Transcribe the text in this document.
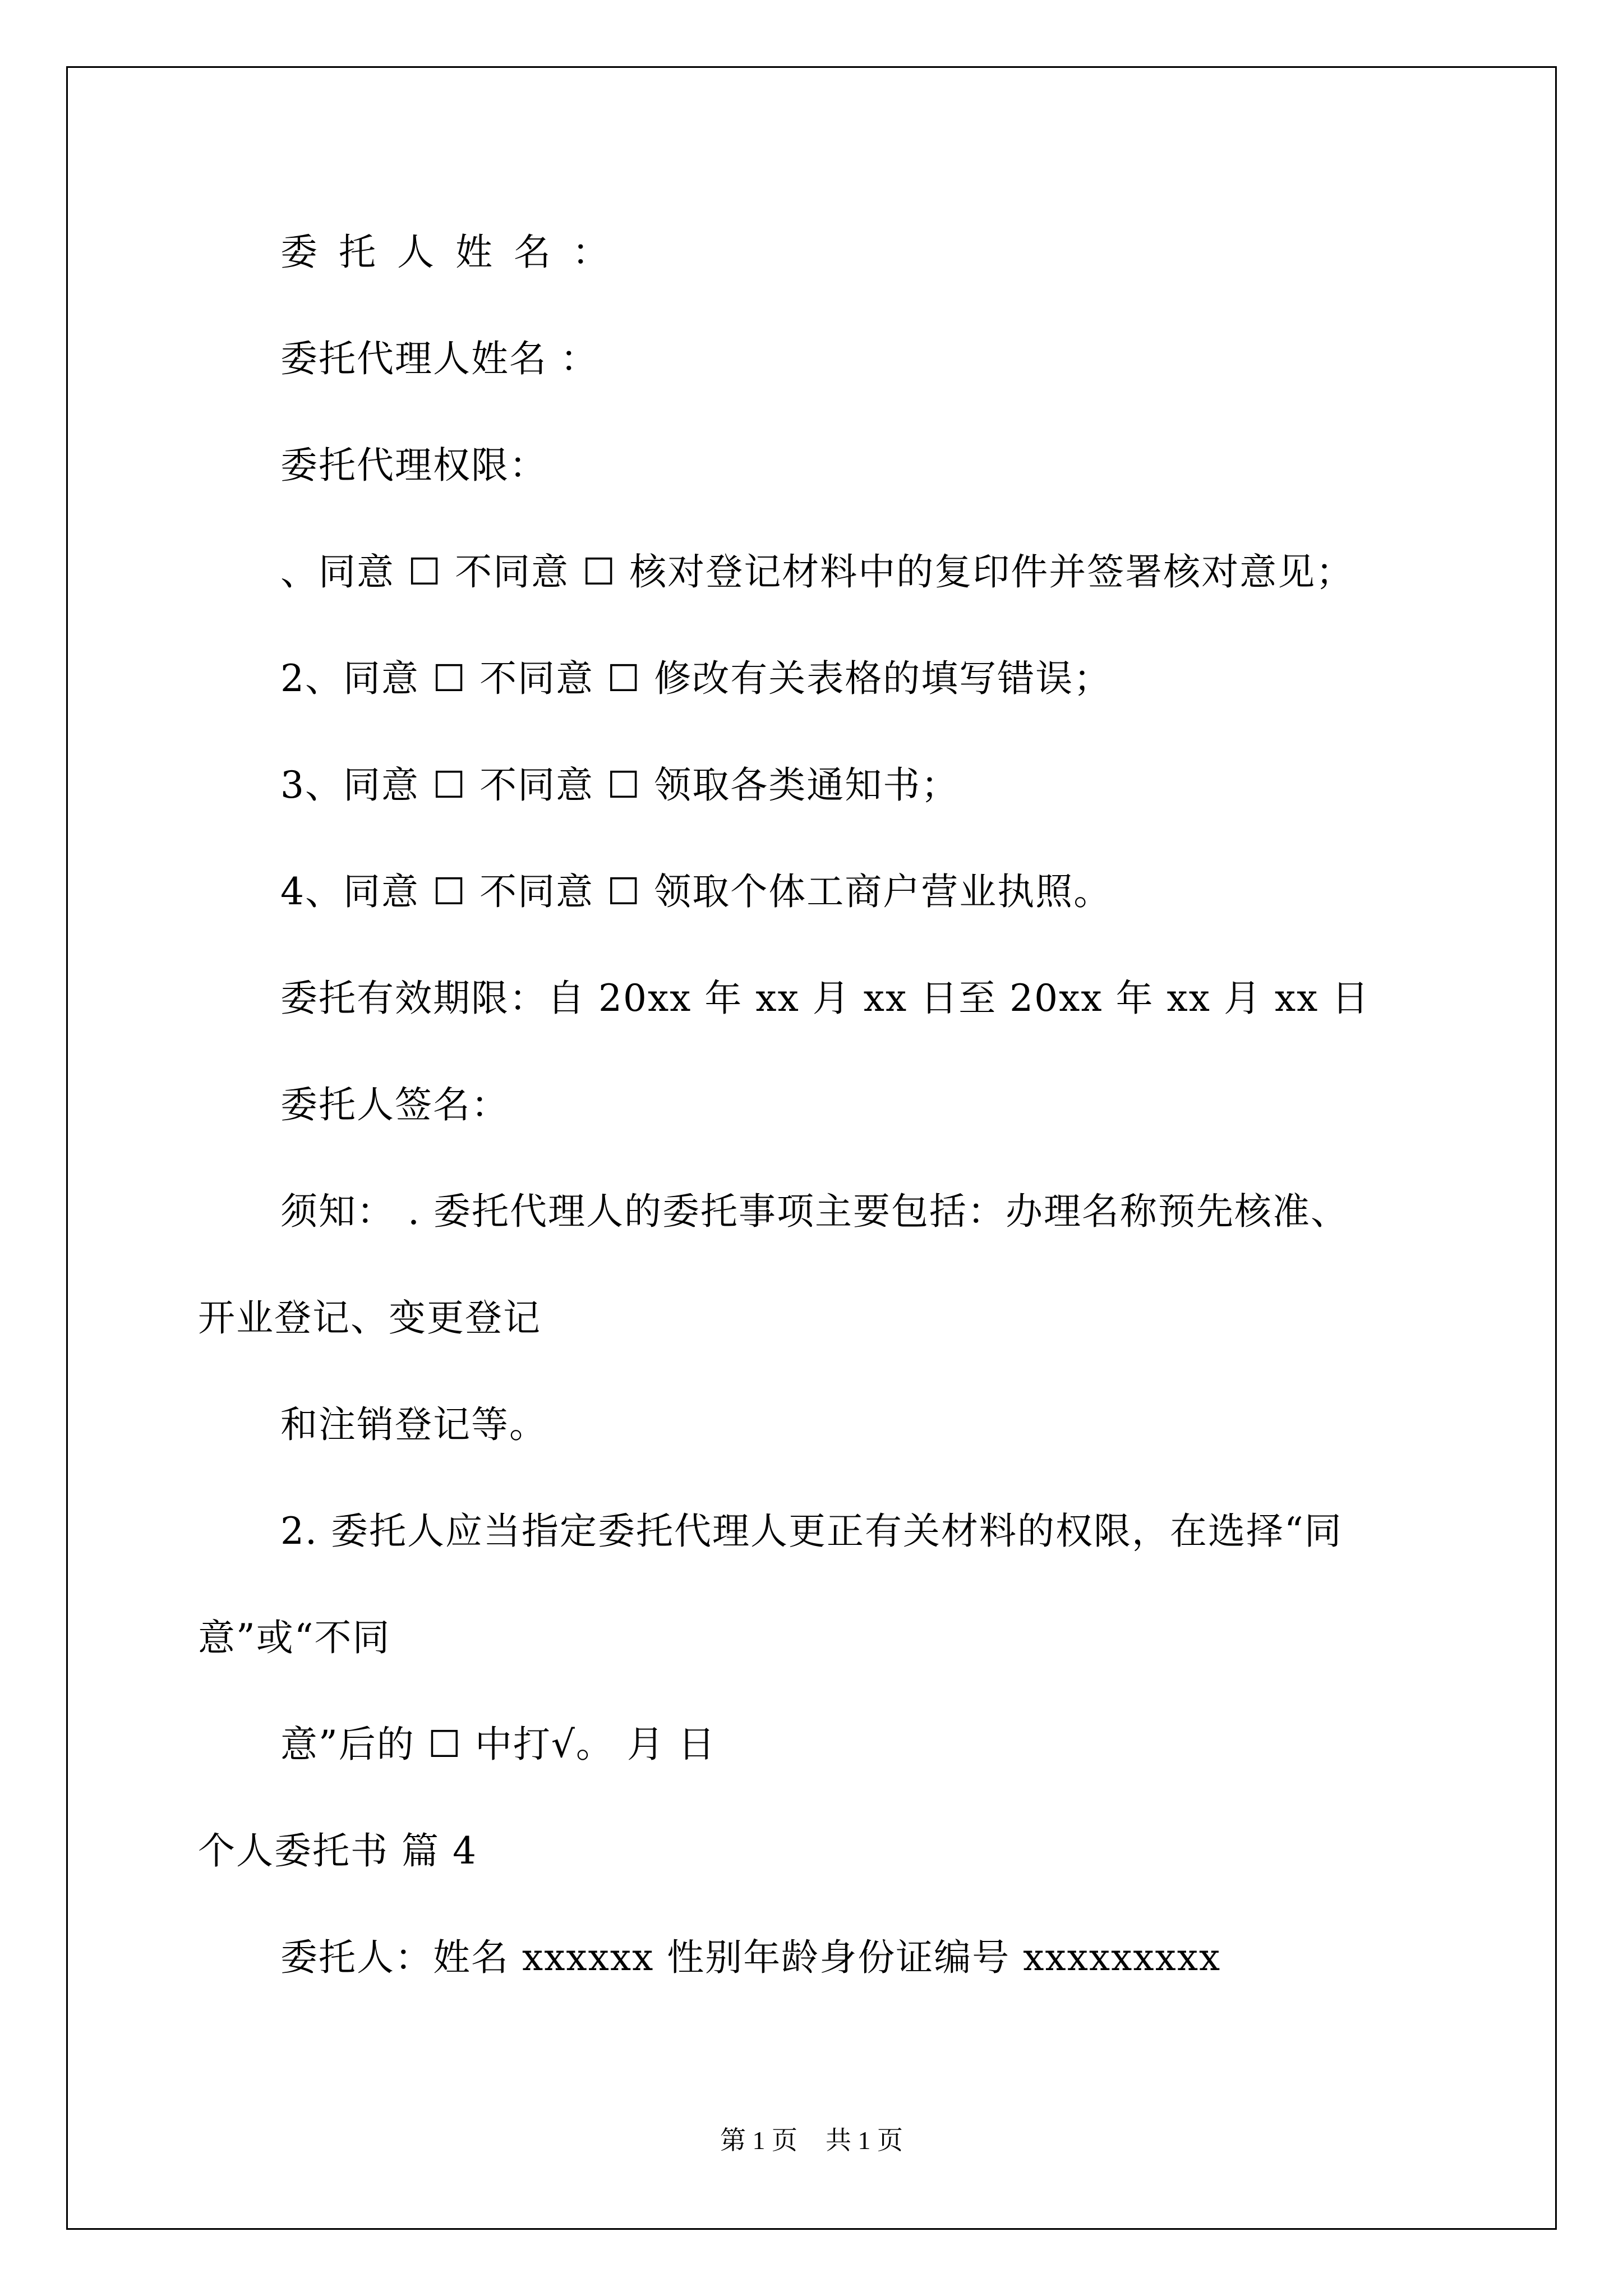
委托人姓名：
委托代理人姓名 ：
委托代理权限：
、同意 ☐ 不同意 ☐ 核对登记材料中的复印件并签署核对意见；
2、同意 ☐ 不同意 ☐ 修改有关表格的填写错误；
3、同意 ☐ 不同意 ☐ 领取各类通知书；
4、同意 ☐ 不同意 ☐ 领取个体工商户营业执照。
委托有效期限：自 20xx 年 xx 月 xx 日至 20xx 年 xx 月 xx 日
委托人签名：
须知： . 委托代理人的委托事项主要包括：办理名称预先核准、
开业登记、变更登记
和注销登记等。
2. 委托人应当指定委托代理人更正有关材料的权限，在选择“同
意”或“不同
意”后的 ☐ 中打√。 月 日
个人委托书 篇 4
委托人：姓名 xxxxxx 性别年龄身份证编号 xxxxxxxxx
第 1 页 共 1 页
